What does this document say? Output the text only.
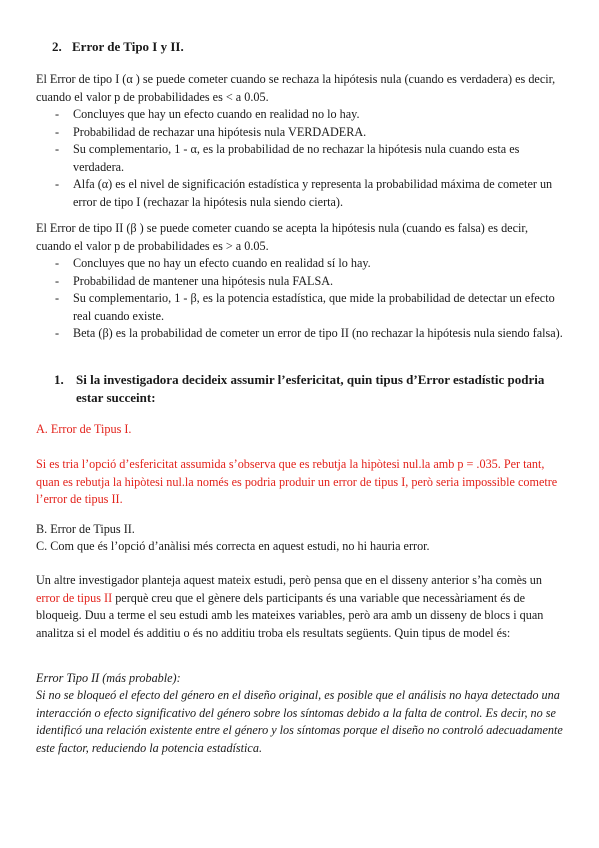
2. Error de Tipo I y II.

El Error de tipo I (α ) se puede cometer cuando se rechaza la hipótesis nula (cuando es verdadera) es decir, cuando el valor p de probabilidades es < a 0.05.

- Concluyes que hay un efecto cuando en realidad no lo hay.
- Probabilidad de rechazar una hipótesis nula VERDADERA.
- Su complementario, 1 - α, es la probabilidad de no rechazar la hipótesis nula cuando esta es verdadera.
- Alfa (α) es el nivel de significación estadística y representa la probabilidad máxima de cometer un error de tipo I (rechazar la hipótesis nula siendo cierta).

El Error de tipo II (β ) se puede cometer cuando se acepta la hipótesis nula (cuando es falsa) es decir, cuando el valor p de probabilidades es > a 0.05.

- Concluyes que no hay un efecto cuando en realidad sí lo hay.
- Probabilidad de mantener una hipótesis nula FALSA.
- Su complementario, 1 - β, es la potencia estadística, que mide la probabilidad de detectar un efecto real cuando existe.
- Beta (β) es la probabilidad de cometer un error de tipo II (no rechazar la hipótesis nula siendo falsa).
1. Si la investigadora decideix assumir l’esfericitat, quin tipus d’Error estadístic podria estar succeint:

A. Error de Tipus I.

Si es tria l’opció d’esfericitat assumida s’observa que es rebutja la hipòtesi nul.la amb p = .035. Per tant, quan es rebutja la hipòtesi nul.la només es podria produir un error de tipus I, però seria impossible cometre l’error de tipus II.

B. Error de Tipus II.

C. Com que és l’opció d’anàlisi més correcta en aquest estudi, no hi hauria error.

Un altre investigador planteja aquest mateix estudi, però pensa que en el disseny anterior s’ha comès un error de tipus II perquè creu que el gènere dels participants és una variable que necessàriament és de bloqueig. Duu a terme el seu estudi amb les mateixes variables, però ara amb un disseny de blocs i quan analitza si el model és additiu o és no additiu troba els resultats següents. Quin tipus de model és:

Error Tipo II (más probable):

Si no se bloqueó el efecto del género en el diseño original, es posible que el análisis no haya detectado una interacción o efecto significativo del género sobre los síntomas debido a la falta de control. Es decir, no se identificó una relación existente entre el género y los síntomas porque el diseño no controló adecuadamente este factor, reduciendo la potencia estadística.
